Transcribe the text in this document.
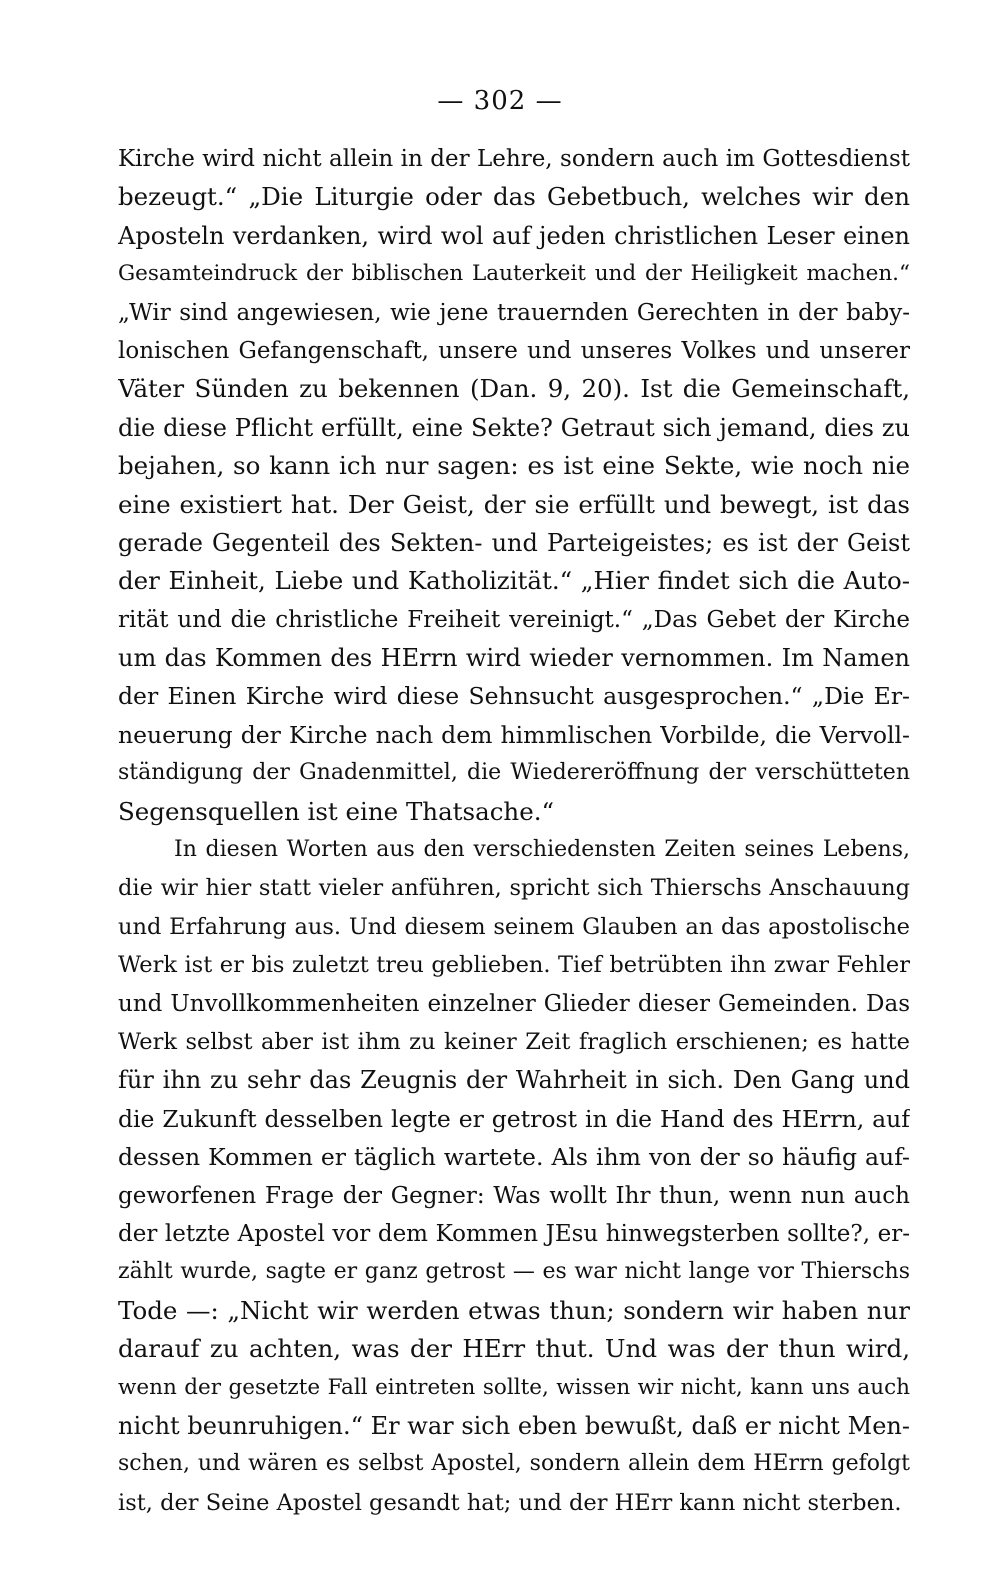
— 302 —
Kirche wird nicht allein in der Lehre, sondern auch im Gottesdienst
bezeugt.“ „Die Liturgie oder das Gebetbuch, welches wir den
Aposteln verdanken, wird wol auf jeden christlichen Leser einen
Gesamteindruck der biblischen Lauterkeit und der Heiligkeit machen.“
„Wir sind angewiesen, wie jene trauernden Gerechten in der baby-
lonischen Gefangenschaft, unsere und unseres Volkes und unserer
Väter Sünden zu bekennen (Dan. 9, 20). Ist die Gemeinschaft,
die diese Pflicht erfüllt, eine Sekte? Getraut sich jemand, dies zu
bejahen, so kann ich nur sagen: es ist eine Sekte, wie noch nie
eine existiert hat. Der Geist, der sie erfüllt und bewegt, ist das
gerade Gegenteil des Sekten- und Parteigeistes; es ist der Geist
der Einheit, Liebe und Katholizität.“ „Hier findet sich die Auto-
rität und die christliche Freiheit vereinigt.“ „Das Gebet der Kirche
um das Kommen des HErrn wird wieder vernommen. Im Namen
der Einen Kirche wird diese Sehnsucht ausgesprochen.“ „Die Er-
neuerung der Kirche nach dem himmlischen Vorbilde, die Vervoll-
ständigung der Gnadenmittel, die Wiedereröffnung der verschütteten
Segensquellen ist eine Thatsache.“
In diesen Worten aus den verschiedensten Zeiten seines Lebens,
die wir hier statt vieler anführen, spricht sich Thierschs Anschauung
und Erfahrung aus. Und diesem seinem Glauben an das apostolische
Werk ist er bis zuletzt treu geblieben. Tief betrübten ihn zwar Fehler
und Unvollkommenheiten einzelner Glieder dieser Gemeinden. Das
Werk selbst aber ist ihm zu keiner Zeit fraglich erschienen; es hatte
für ihn zu sehr das Zeugnis der Wahrheit in sich. Den Gang und
die Zukunft desselben legte er getrost in die Hand des HErrn, auf
dessen Kommen er täglich wartete. Als ihm von der so häufig auf-
geworfenen Frage der Gegner: Was wollt Ihr thun, wenn nun auch
der letzte Apostel vor dem Kommen JEsu hinwegsterben sollte?, er-
zählt wurde, sagte er ganz getrost — es war nicht lange vor Thierschs
Tode —: „Nicht wir werden etwas thun; sondern wir haben nur
darauf zu achten, was der HErr thut. Und was der thun wird,
wenn der gesetzte Fall eintreten sollte, wissen wir nicht, kann uns auch
nicht beunruhigen.“ Er war sich eben bewußt, daß er nicht Men-
schen, und wären es selbst Apostel, sondern allein dem HErrn gefolgt
ist, der Seine Apostel gesandt hat; und der HErr kann nicht sterben.
